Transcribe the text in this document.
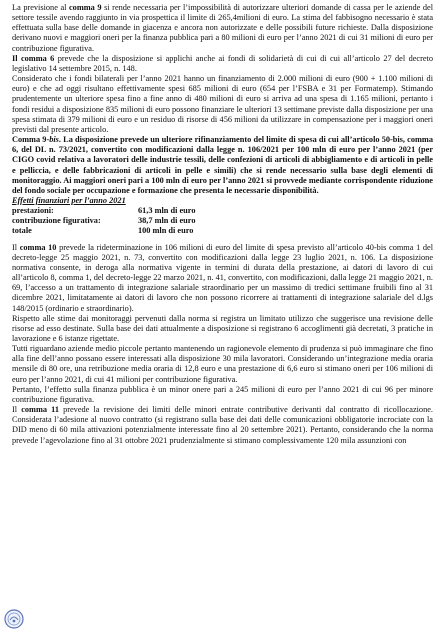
La previsione al comma 9 si rende necessaria per l’impossibilità di autorizzare ulteriori domande di cassa per le aziende del settore tessile avendo raggiunto in via prospettica il limite di 265,4milioni di euro. La stima del fabbisogno necessario è stata effettuata sulla base delle domande in giacenza e ancora non autorizzate e delle possibili future richieste. Dalla disposizione derivano nuovi e maggiori oneri per la finanza pubblica pari a 80 milioni di euro per l’anno 2021 di cui 31 milioni di euro per contribuzione figurativa.

Il comma 6 prevede che la disposizione si applichi anche ai fondi di solidarietà di cui di cui all’articolo 27 del decreto legislativo 14 settembre 2015, n. 148.

Considerato che i fondi bilaterali per l’anno 2021 hanno un finanziamento di 2.000 milioni di euro (900 + 1.100 milioni di euro) e che ad oggi risultano effettivamente spesi 685 milioni di euro (654 per l’FSBA e 31 per Formatemp). Stimando prudentemente un ulteriore spesa fino a fine anno di 480 milioni di euro si arriva ad una spesa di 1.165 milioni, pertanto i fondi residui a disposizione 835 milioni di euro possono finanziare le ulteriori 13 settimane previste dalla disposizione per una spesa stimata di 379 milioni di euro e un residuo di risorse di 456 milioni da utilizzare in compensazione per i maggiori oneri previsti dal presente articolo.

Comma 9-bis. La disposizione prevede un ulteriore rifinanziamento del limite di spesa di cui all’articolo 50-bis, comma 6, del DL n. 73/2021, convertito con modificazioni dalla legge n. 106/2021 per 100 mln di euro per l’anno 2021 (per CIGO covid relativa a lavoratori delle industrie tessili, delle confezioni di articoli di abbigliamento e di articoli in pelle e pelliccia, e delle fabbricazioni di articoli in pelle e simili) che si rende necessario sulla base degli elementi di monitoraggio. Ai maggiori oneri pari a 100 mln di euro per l’anno 2021 si provvede mediante corrispondente riduzione del fondo sociale per occupazione e formazione che presenta le necessarie disponibilità.

Effetti finanziari per l’anno 2021

prestazioni:	61,3 mln di euro
contribuzione figurativa:	38,7 mln di euro
totale	100 mln di euro

Il comma 10 prevede la rideterminazione in 106 milioni di euro del limite di spesa previsto all’articolo 40-bis comma 1 del decreto-legge 25 maggio 2021, n. 73, convertito con modificazioni dalla legge 23 luglio 2021, n. 106. La disposizione normativa consente, in deroga alla normativa vigente in termini di durata della prestazione, ai datori di lavoro di cui all’articolo 8, comma 1, del decreto-legge 22 marzo 2021, n. 41, convertito, con modificazioni, dalla legge 21 maggio 2021, n. 69, l’accesso a un trattamento di integrazione salariale straordinario per un massimo di tredici settimane fruibili fino al 31 dicembre 2021, limitatamente ai datori di lavoro che non possono ricorrere ai trattamenti di integrazione salariale del d.lgs 148/2015 (ordinario e straordinario).

Rispetto alle stime dai monitoraggi pervenuti dalla norma si registra un limitato utilizzo che suggerisce una revisione delle risorse ad esso destinate. Sulla base dei dati attualmente a disposizione si registrano 6 accoglimenti già decretati, 3 pratiche in lavorazione e 6 istanze rigettate.

Tutti riguardano aziende medio piccole pertanto mantenendo un ragionevole elemento di prudenza si può immaginare che fino alla fine dell’anno possano essere interessati alla disposizione 30 mila lavoratori. Considerando un’integrazione media oraria mensile di 80 ore, una retribuzione media oraria di 12,8 euro e una prestazione di 6,6 euro si stimano oneri per 106 milioni di euro per l’anno 2021, di cui 41 milioni per contribuzione figurativa.

Pertanto, l’effetto sulla finanza pubblica è un minor onere pari a 245 milioni di euro per l’anno 2021 di cui 96 per minore contribuzione figurativa.

Il comma 11 prevede la revisione dei limiti delle minori entrate contributive derivanti dal contratto di ricollocazione. Considerata l’adesione al nuovo contratto (si registrano sulla base dei dati delle comunicazioni obbligatorie incrociate con la DID meno di 60 mila attivazioni potenzialmente interessate fino al 20 settembre 2021). Pertanto, considerando che la norma prevede l’agevolazione fino al 31 ottobre 2021 prudenzialmente si stimano complessivamente 120 mila assunzioni con
